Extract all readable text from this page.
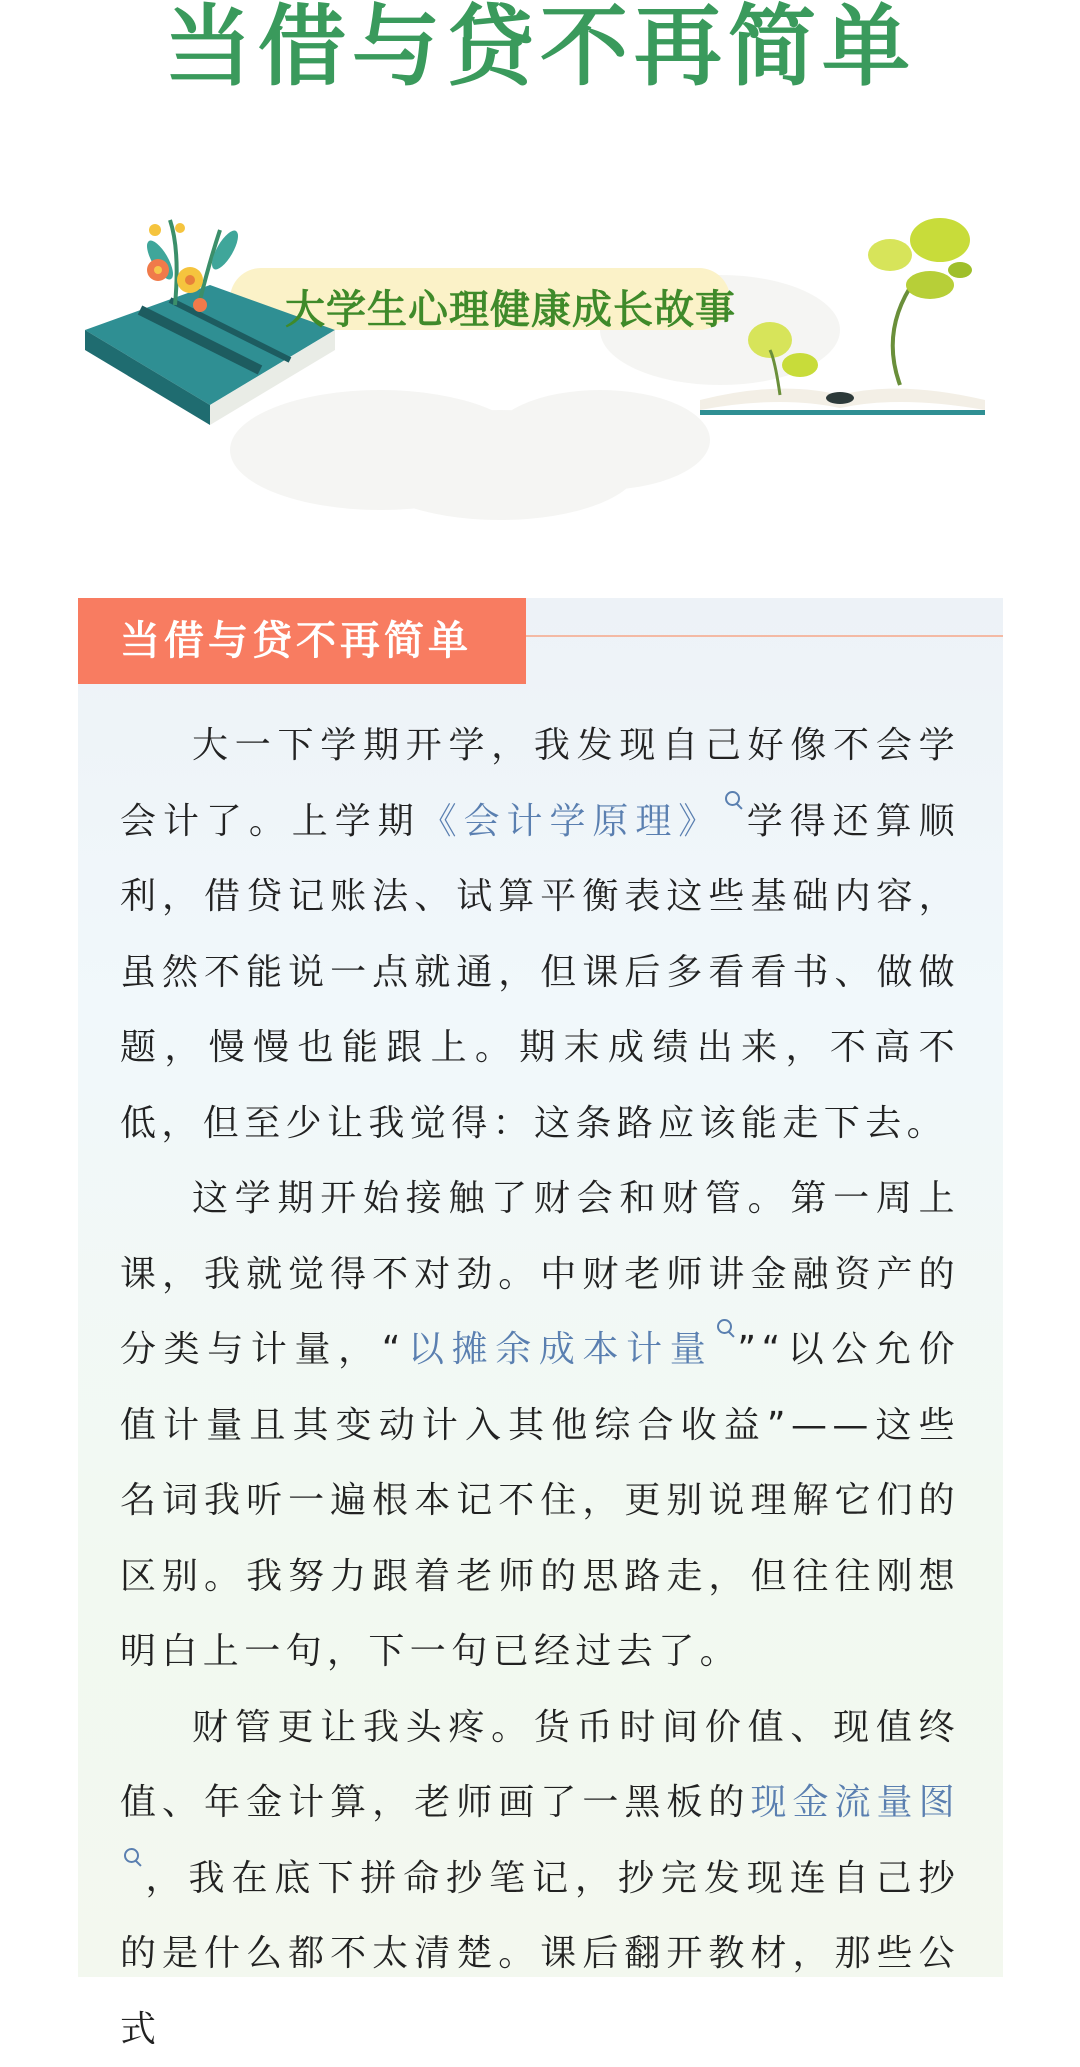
当借与贷不再简单
大学生心理健康成长故事
当借与贷不再简单

大一下学期开学，我发现自己好像不会学会计了。上学期《会计学原理》 学得还算顺利，借贷记账法、试算平衡表这些基础内容，虽然不能说一点就通，但课后多看看书、做做题，慢慢也能跟上。期末成绩出来，不高不低，但至少让我觉得：这条路应该能走下去。

这学期开始接触了财会和财管。第一周上课，我就觉得不对劲。中财老师讲金融资产的分类与计量，“以摊余成本计量 ”“以公允价值计量且其变动计入其他综合收益”——这些名词我听一遍根本记不住，更别说理解它们的区别。我努力跟着老师的思路走，但往往刚想明白上一句，下一句已经过去了。

财管更让我头疼。货币时间价值、现值终值、年金计算，老师画了一黑板的现金流量图，我在底下拼命抄笔记，抄完发现连自己抄的是什么都不太清楚。课后翻开教材，那些公式
